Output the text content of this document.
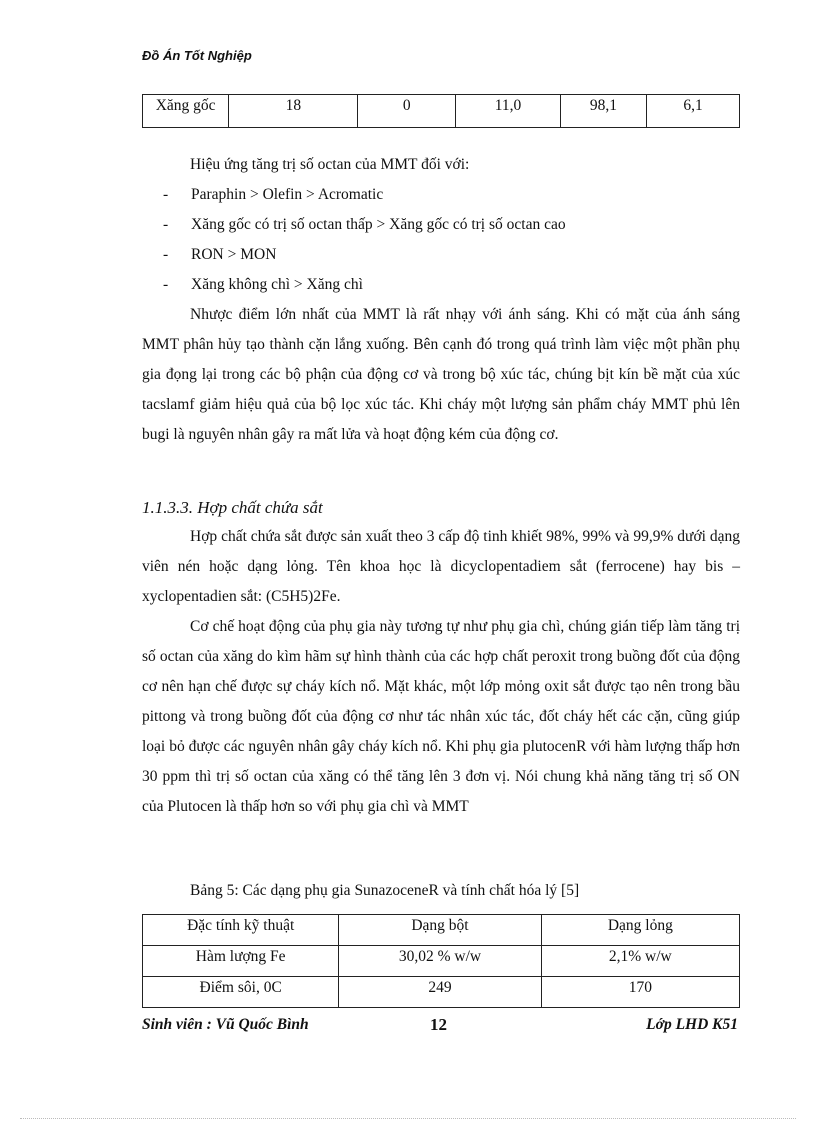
Đồ Án Tốt Nghiệp
Xăng gốc	18	0	11,0	98,1	6,1
Hiệu ứng tăng trị số octan của MMT đối với:
- Paraphin > Olefin > Acromatic
- Xăng gốc có trị số octan thấp > Xăng gốc có trị số octan cao
- RON > MON
- Xăng không chì > Xăng chì
Nhược điểm lớn nhất của MMT là rất nhạy với ánh sáng. Khi có mặt của ánh sáng MMT phân hủy tạo thành cặn lắng xuống. Bên cạnh đó trong quá trình làm việc một phần phụ gia đọng lại trong các bộ phận của động cơ và trong bộ xúc tác, chúng bịt kín bề mặt của xúc tacslamf giảm hiệu quả của bộ lọc xúc tác. Khi cháy một lượng sản phẩm cháy MMT phủ lên bugi là nguyên nhân gây ra mất lửa và hoạt động kém của động cơ.
1.1.3.3. Hợp chất chứa sắt
Hợp chất chứa sắt được sản xuất theo 3 cấp độ tinh khiết 98%, 99% và 99,9% dưới dạng viên nén hoặc dạng lỏng. Tên khoa học là dicyclopentadiem sắt (ferrocene) hay bis – xyclopentadien sắt: (C5H5)2Fe.
Cơ chế hoạt động của phụ gia này tương tự như phụ gia chì, chúng gián tiếp làm tăng trị số octan của xăng do kìm hãm sự hình thành của các hợp chất peroxit trong buồng đốt của động cơ nên hạn chế được sự cháy kích nổ. Mặt khác, một lớp mỏng oxit sắt được tạo nên trong bầu pittong và trong buồng đốt của động cơ như tác nhân xúc tác, đốt cháy hết các cặn, cũng giúp loại bỏ được các nguyên nhân gây cháy kích nổ. Khi phụ gia plutocenR với hàm lượng thấp hơn 30 ppm thì trị số octan của xăng có thể tăng lên 3 đơn vị. Nói chung khả năng tăng trị số ON của Plutocen là thấp hơn so với phụ gia chì và MMT
Bảng 5: Các dạng phụ gia SunazoceneR và tính chất hóa lý [5]
Đặc tính kỹ thuật	Dạng bột	Dạng lỏng
Hàm lượng Fe	30,02 % w/w	2,1% w/w
Điểm sôi, 0C	249	170
Sinh viên : Vũ Quốc Bình	12	Lớp LHD K51
